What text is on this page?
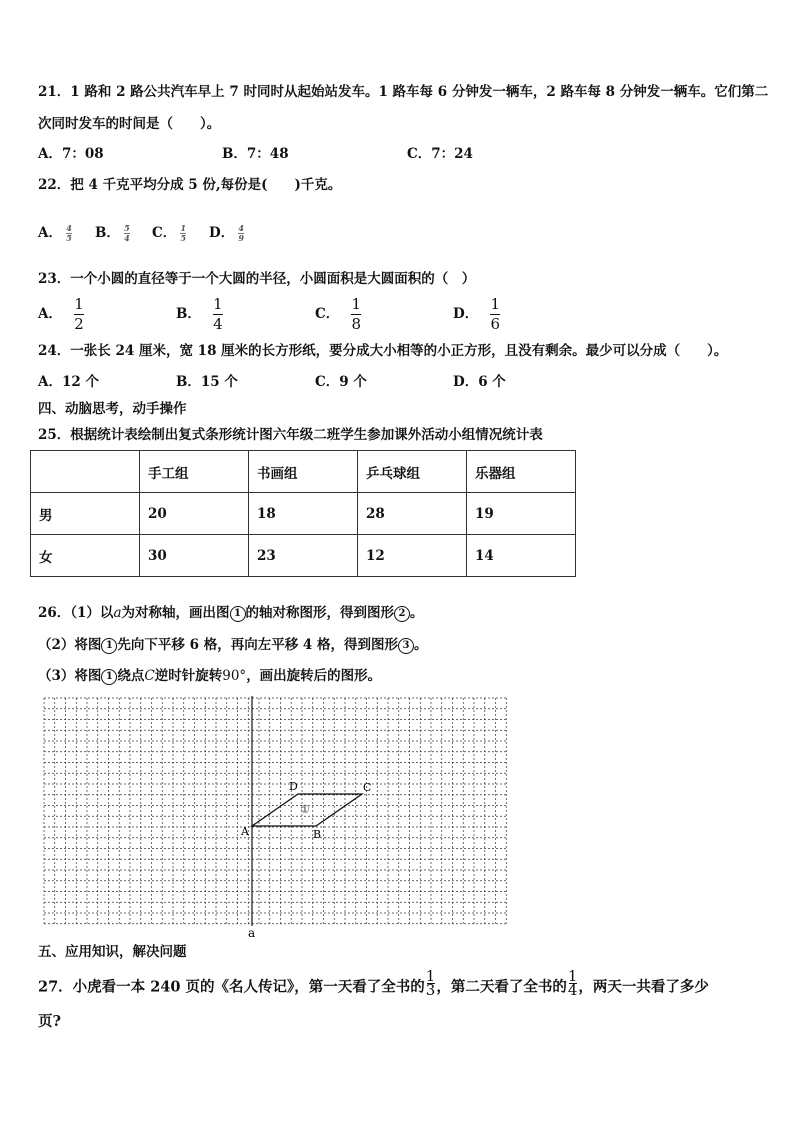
21．1 路和 2 路公共汽车早上 7 时同时从起始站发车。1 路车每 6 分钟发一辆车，2 路车每 8 分钟发一辆车。它们第二
次同时发车的时间是（　　）。
A．7：08	B．7：48	C．7：24
22．把 4 千克平均分成 5 份,每份是(　　)千克。
A． $\frac{4}{5}$ B． $\frac{5}{4}$ C． $\frac{1}{5}$ D． $\frac{4}{9}$
23．一个小圆的直径等于一个大圆的半径，小圆面积是大圆面积的（　）
A． $\frac{1}{2}$	B． $\frac{1}{4}$	C． $\frac{1}{8}$	D． $\frac{1}{6}$
24．一张长 24 厘米，宽 18 厘米的长方形纸，要分成大小相等的小正方形，且没有剩余。最少可以分成（　　）。
A．12 个	B．15 个	C．9 个	D．6 个
四、动脑思考，动手操作
25．根据统计表绘制出复式条形统计图六年级二班学生参加课外活动小组情况统计表
	手工组	书画组	乒乓球组	乐器组
男	20	18	28	19
女	30	23	12	14
26．（1）以a为对称轴，画出图 1 的轴对称图形，得到图形 2 。
（2）将图 1 先向下平移 6 格，再向左平移 4 格，得到图形 3 。
（3）将图 1 绕点C逆时针旋转90°，画出旋转后的图形。
A	B
C
D
①
a
五、应用知识，解决问题
27．小虎看一本 240 页的《名人传记》，第一天看了全书的 $\frac{1}{3}$ ，第二天看了全书的 $\frac{1}{4}$ ，两天一共看了多少
页?
